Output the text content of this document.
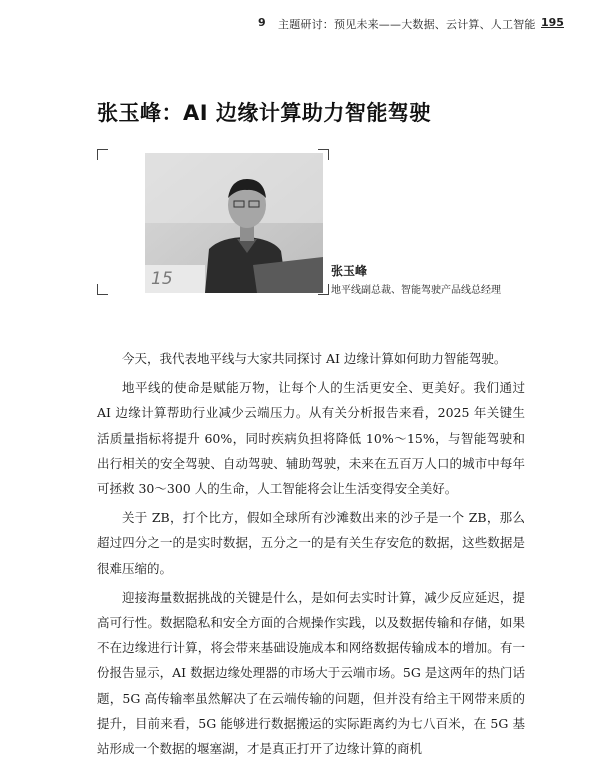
9 主题研讨：预见未来——大数据、云计算、人工智能 195
张玉峰：AI 边缘计算助力智能驾驶
15	张玉峰
地平线副总裁、智能驾驶产品线总经理

今天，我代表地平线与大家共同探讨 AI 边缘计算如何助力智能驾驶。

地平线的使命是赋能万物，让每个人的生活更安全、更美好。我们通过 AI 边缘计算帮助行业减少云端压力。从有关分析报告来看，2025 年关键生活质量指标将提升 60%，同时疾病负担将降低 10%～15%，与智能驾驶和出行相关的安全驾驶、自动驾驶、辅助驾驶，未来在五百万人口的城市中每年可拯救 30～300 人的生命，人工智能将会让生活变得安全美好。

关于 ZB，打个比方，假如全球所有沙滩数出来的沙子是一个 ZB，那么超过四分之一的是实时数据，五分之一的是有关生存安危的数据，这些数据是很难压缩的。

迎接海量数据挑战的关键是什么，是如何去实时计算，减少反应延迟，提高可行性。数据隐私和安全方面的合规操作实践，以及数据传输和存储，如果不在边缘进行计算，将会带来基础设施成本和网络数据传输成本的增加。有一份报告显示，AI 数据边缘处理器的市场大于云端市场。5G 是这两年的热门话题，5G 高传输率虽然解决了在云端传输的问题，但并没有给主干网带来质的提升，目前来看，5G 能够进行数据搬运的实际距离约为七八百米，在 5G 基站形成一个数据的堰塞湖，才是真正打开了边缘计算的商机
